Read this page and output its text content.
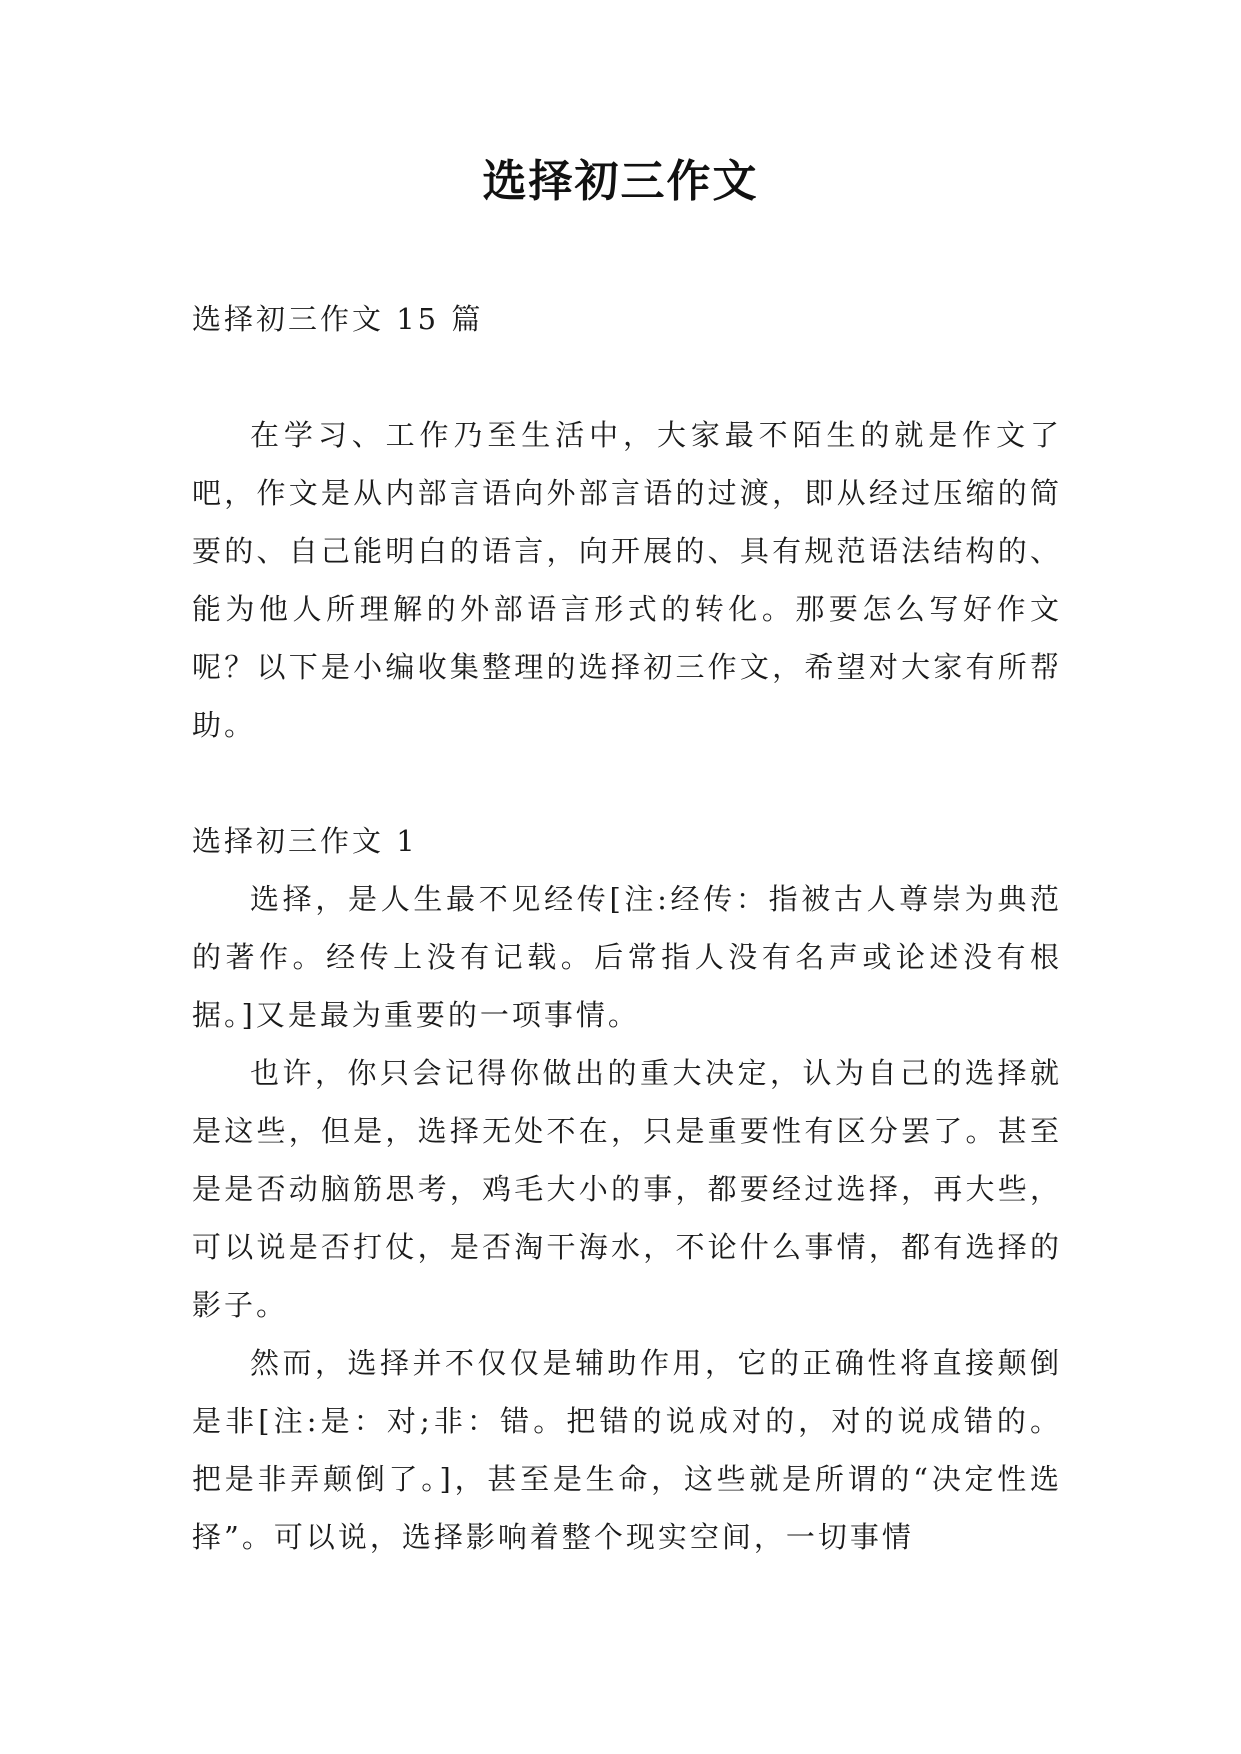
选择初三作文

选择初三作文 15 篇

在学习、工作乃至生活中，大家最不陌生的就是作文了吧，作文是从内部言语向外部言语的过渡，即从经过压缩的简要的、自己能明白的语言，向开展的、具有规范语法结构的、能为他人所理解的外部语言形式的转化。那要怎么写好作文呢？以下是小编收集整理的选择初三作文，希望对大家有所帮助。

选择初三作文 1

选择，是人生最不见经传[注:经传：指被古人尊崇为典范的著作。经传上没有记载。后常指人没有名声或论述没有根据。]又是最为重要的一项事情。

也许，你只会记得你做出的重大决定，认为自己的选择就是这些，但是，选择无处不在，只是重要性有区分罢了。甚至是是否动脑筋思考，鸡毛大小的事，都要经过选择，再大些，可以说是否打仗，是否淘干海水，不论什么事情，都有选择的影子。

然而，选择并不仅仅是辅助作用，它的正确性将直接颠倒是非[注:是：对;非：错。把错的说成对的，对的说成错的。把是非弄颠倒了。]，甚至是生命，这些就是所谓的“决定性选择”。可以说，选择影响着整个现实空间，一切事情
